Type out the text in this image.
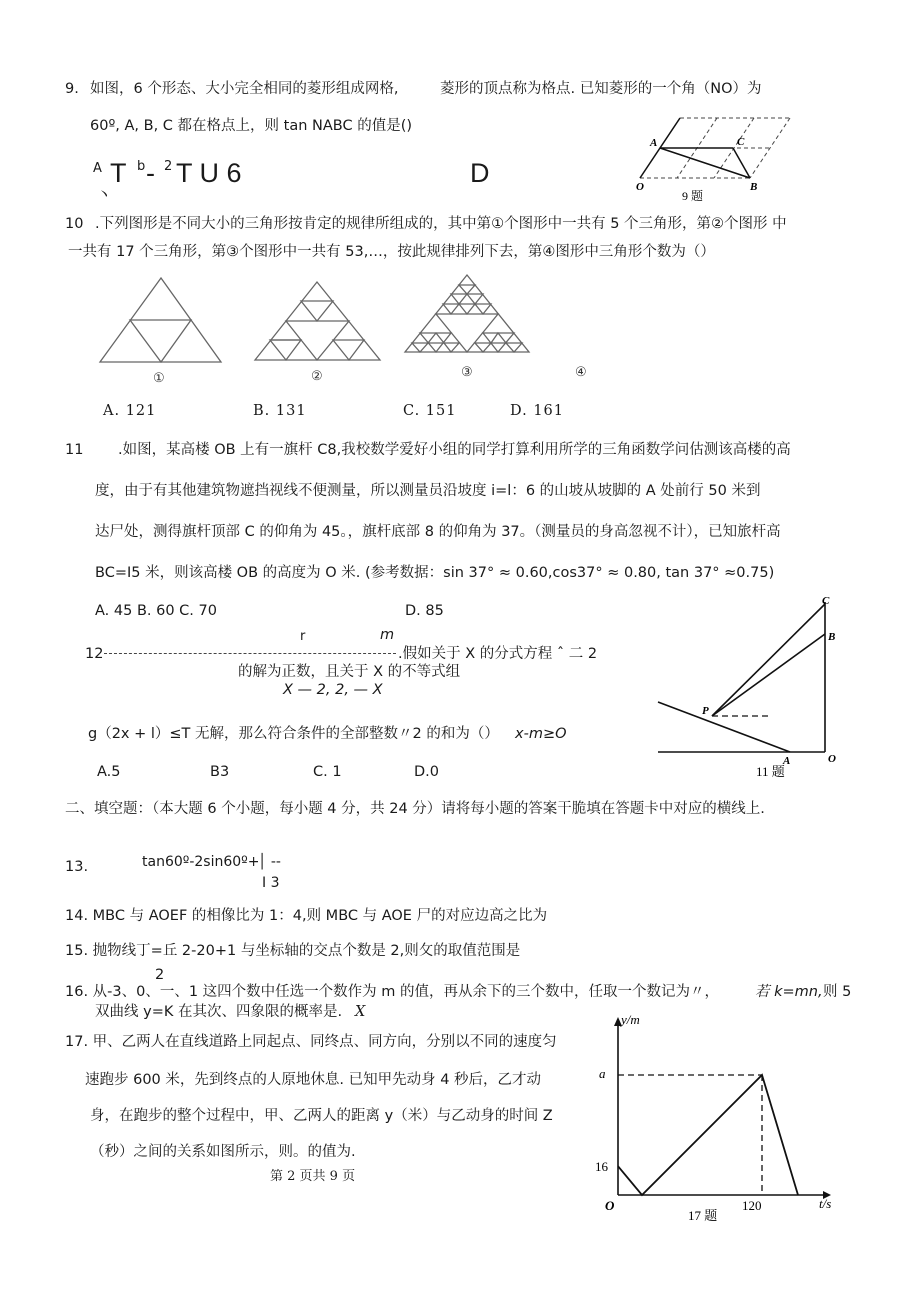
9. 如图，6 个形态、大小完全相同的菱形组成网格,	菱形的顶点称为格点. 已知菱形的一个角（NO）为
60º, A, B, C 都在格点上，则 tan NABC 的值是()
A T b - 2 T U 6	D
丶
A	C
B
O
9 题
10 .下列图形是不同大小的三角形按肯定的规律所组成的，其中第①个图形中一共有 5 个三角形，第②个图形 中
一共有 17 个三角形，第③个图形中一共有 53,…，按此规律排列下去，第④图形中三角形个数为（）
①	②	③	④
A. 121	B. 131	C. 151	D. 161
11 .如图，某高楼 OB 上有一旗杆 C8,我校数学爱好小组的同学打算利用所学的三角函数学问估测该高楼的高
度，由于有其他建筑物遮挡视线不便测量，所以测量员沿坡度 i=l：6 的山坡从坡脚的 A 处前行 50 米到
达尸处，测得旗杆顶部 C 的仰角为 45。，旗杆底部 8 的仰角为 37。（测量员的身高忽视不计），已知旅杆高
BC=I5 米，则该高楼 OB 的高度为 O 米. (参考数据：sin 37° ≈ 0.60,cos37° ≈ 0.80, tan 37° ≈0.75)
A. 45 B. 60 C. 70	D. 85
C
B
P
A	O
11 题
r	m
12	.假如关于 X 的分式方程 ˆ 二 2
的解为正数，且关于 X 的不等式组
X — 2, 2, — X
g（2x + l）≤T 无解，那么符合条件的全部整数〃2 的和为（） x-m≥O
A.5	B3	C. 1	D.0
二、填空题：（本大题 6 个小题，每小题 4 分，共 24 分）请将每小题的答案干脆填在答题卡中对应的横线上.
13.	tan60º-2sin60º+
│ --
I 3
14. MBC 与 AOEF 的相像比为 1：4,则 MBC 与 AOE 尸的对应边高之比为
15. 抛物线丁=丘 2-20+1 与坐标轴的交点个数是 2,则攵的取值范围是
2
16. 从-3、0、一、1 这四个数中任选一个数作为 m 的值，再从余下的三个数中，任取一个数记为〃， 若 k=mn, 则 5
双曲线 y=K 在其次、四象限的概率是. X
17. 甲、乙两人在直线道路上同起点、同终点、同方向，分别以不同的速度匀
速跑步 600 米，先到终点的人原地休息. 已知甲先动身 4 秒后，乙才动
身，在跑步的整个过程中，甲、乙两人的距离 y（米）与乙动身的时间 Z
（秒）之间的关系如图所示，则。的值为.
y/m
t/s
a
16
120
O
17 题
第 2 页共 9 页
